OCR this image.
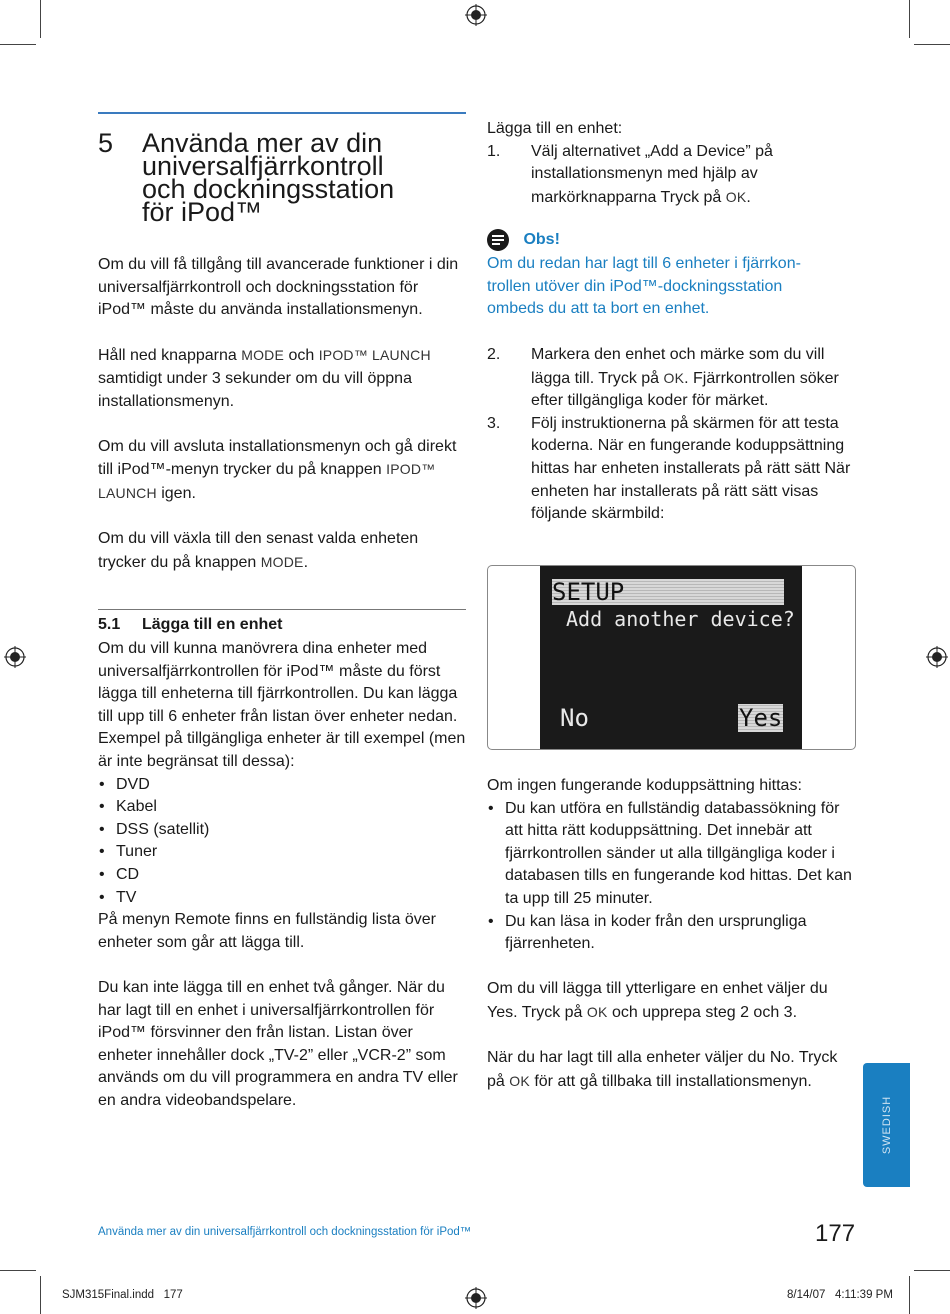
5 Använda mer av din
universalfjärrkontroll
och dockningsstation
för iPod™

Om du vill få tillgång till avancerade funktioner i din universalfjärrkontroll och dockningsstation för iPod™ måste du använda installationsmenyn.

Håll ned knapparna MODE och IPOD™ LAUNCH samtidigt under 3 sekunder om du vill öppna installationsmenyn.

Om du vill avsluta installationsmenyn och gå direkt till iPod™-menyn trycker du på knappen IPOD™ LAUNCH igen.

Om du vill växla till den senast valda enheten trycker du på knappen MODE.

5.1 Lägga till en enhet
Om du vill kunna manövrera dina enheter med universalfjärrkontrollen för iPod™ måste du först lägga till enheterna till fjärrkontrollen. Du kan lägga till upp till 6 enheter från listan över enheter nedan. Exempel på tillgängliga enheter är till exempel (men är inte begränsat till dessa):
• DVD
• Kabel
• DSS (satellit)
• Tuner
• CD
• TV

På menyn Remote finns en fullständig lista över enheter som går att lägga till.

Du kan inte lägga till en enhet två gånger. När du har lagt till en enhet i universalfjärrkontrollen för iPod™ försvinner den från listan. Listan över enheter innehåller dock „TV-2” eller „VCR-2” som används om du vill programmera en andra TV eller en andra videobandspelare.

Lägga till en enhet:
1. Välj alternativet „Add a Device” på installationsmenyn med hjälp av markörknapparna Tryck på OK.
Obs!
Om du redan har lagt till 6 enheter i fjärrkon-trollen utöver din iPod™-dockningsstation ombeds du att ta bort en enhet.
2. Markera den enhet och märke som du vill lägga till. Tryck på OK. Fjärrkontrollen söker efter tillgängliga koder för märket.
3. Följ instruktionerna på skärmen för att testa koderna. När en fungerande koduppsättning hittas har enheten installerats på rätt sätt När enheten har installerats på rätt sätt visas följande skärmbild:
SETUP
Add another device?
No	Yes
Om ingen fungerande koduppsättning hittas:
• Du kan utföra en fullständig databassökning för att hitta rätt koduppsättning. Det innebär att fjärrkontrollen sänder ut alla tillgängliga koder i databasen tills en fungerande kod hittas. Det kan ta upp till 25 minuter.
• Du kan läsa in koder från den ursprungliga fjärrenheten.

Om du vill lägga till ytterligare en enhet väljer du Yes. Tryck på OK och upprepa steg 2 och 3.

När du har lagt till alla enheter väljer du No. Tryck på OK för att gå tillbaka till installationsmenyn.

SWEDISH
Använda mer av din universalfjärrkontroll och dockningsstation för iPod™	177
SJM315Final.indd   177	8/14/07   4:11:39 PM
